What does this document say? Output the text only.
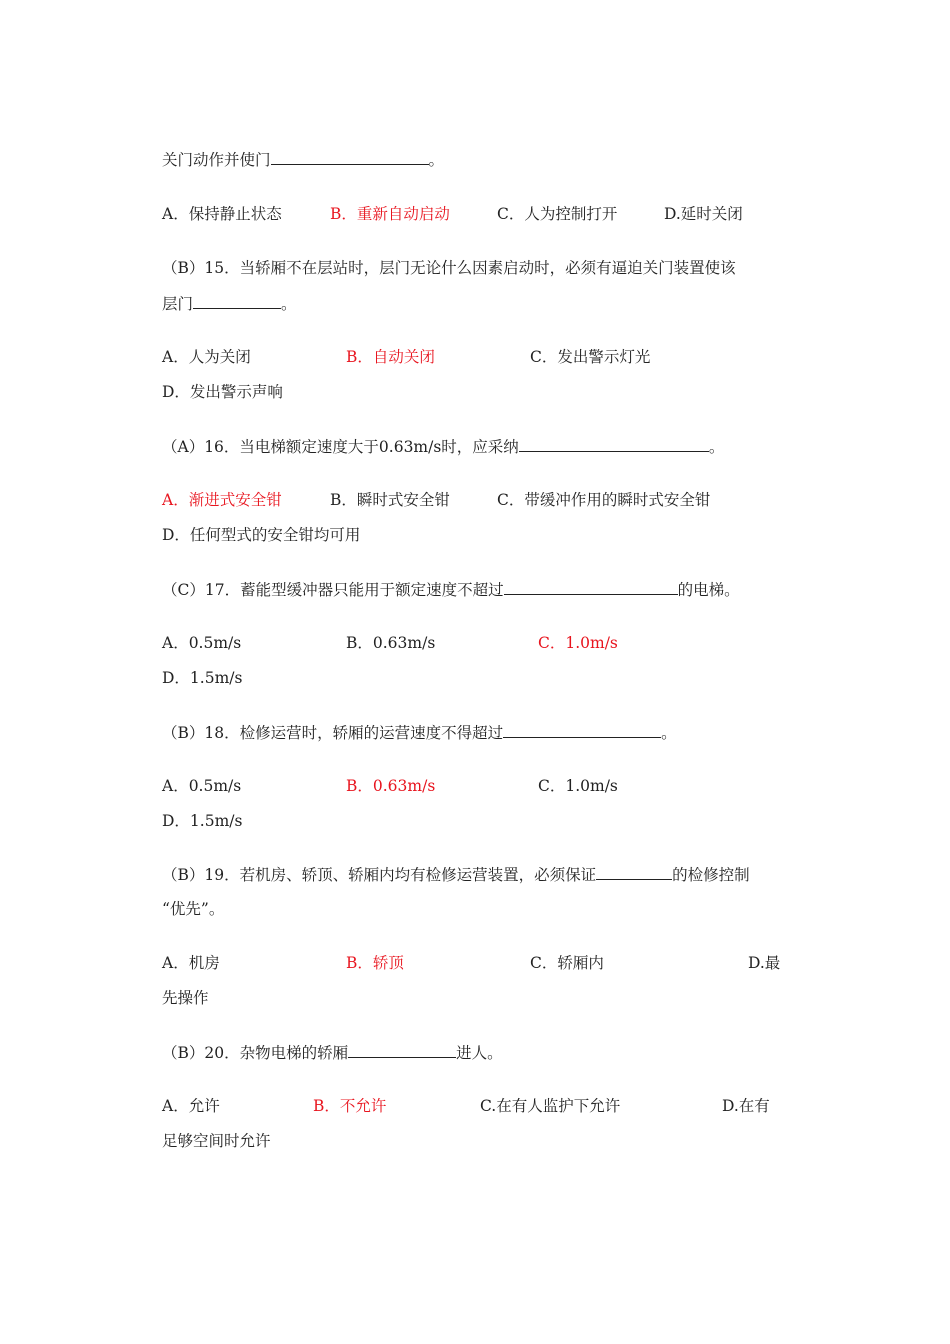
关门动作并使门	。
A．保持静止状态	B．重新自动启动	C．人为控制打开	D.延时关闭
（B）15．当轿厢不在层站时，层门无论什么因素启动时，必须有逼迫关门装置使该
层门	。
A．人为关闭	B．自动关闭	C．发出警示灯光
D．发出警示声响
（A）16．当电梯额定速度大于0.63m/s时，应采纳	。
A．渐进式安全钳	B．瞬时式安全钳	C．带缓冲作用的瞬时式安全钳
D．任何型式的安全钳均可用
（C）17．蓄能型缓冲器只能用于额定速度不超过	的电梯。
A．0.5m/s	B．0.63m/s	C．1.0m/s
D．1.5m/s
（B）18．检修运营时，轿厢的运营速度不得超过	。
A．0.5m/s	B．0.63m/s	C．1.0m/s
D．1.5m/s
（B）19．若机房、轿顶、轿厢内均有检修运营装置，必须保证	的检修控制
“优先”。
A．机房	B．轿顶	C．轿厢内	D.最
先操作
（B）20．杂物电梯的轿厢	进人。
A．允许	B．不允许	C.在有人监护下允许	D.在有
足够空间时允许
